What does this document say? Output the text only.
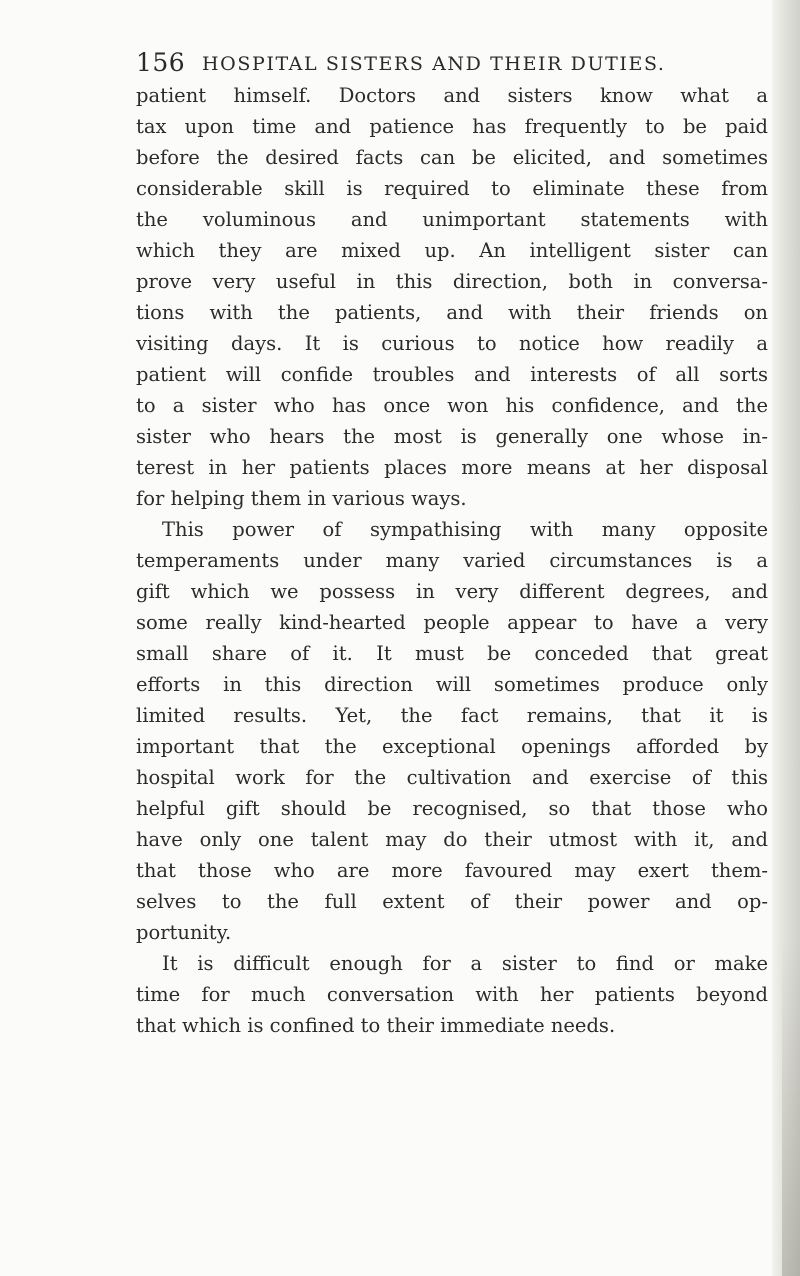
156 HOSPITAL SISTERS AND THEIR DUTIES.
patient himself. Doctors and sisters know what a
tax upon time and patience has frequently to be paid
before the desired facts can be elicited, and sometimes
considerable skill is required to eliminate these from
the voluminous and unimportant statements with
which they are mixed up. An intelligent sister can
prove very useful in this direction, both in conversa-
tions with the patients, and with their friends on
visiting days. It is curious to notice how readily a
patient will confide troubles and interests of all sorts
to a sister who has once won his confidence, and the
sister who hears the most is generally one whose in-
terest in her patients places more means at her disposal
for helping them in various ways.
This power of sympathising with many opposite
temperaments under many varied circumstances is a
gift which we possess in very different degrees, and
some really kind-hearted people appear to have a very
small share of it. It must be conceded that great
efforts in this direction will sometimes produce only
limited results. Yet, the fact remains, that it is
important that the exceptional openings afforded by
hospital work for the cultivation and exercise of this
helpful gift should be recognised, so that those who
have only one talent may do their utmost with it, and
that those who are more favoured may exert them-
selves to the full extent of their power and op-
portunity.
It is difficult enough for a sister to find or make
time for much conversation with her patients beyond
that which is confined to their immediate needs.
